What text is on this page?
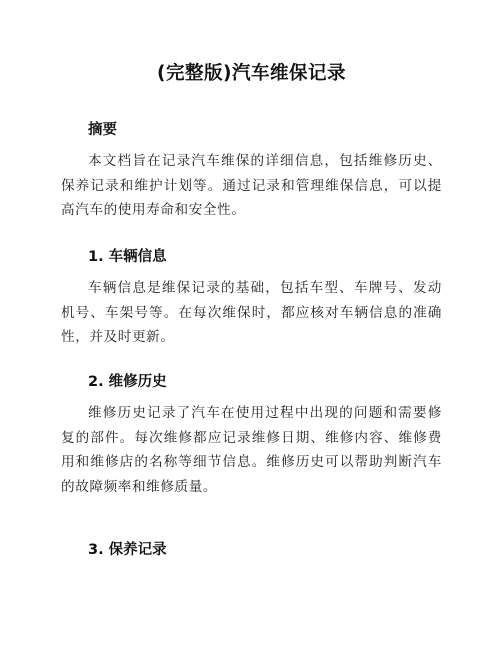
(完整版)汽车维保记录
摘要

本文档旨在记录汽车维保的详细信息，包括维修历史、保养记录和维护计划等。通过记录和管理维保信息，可以提高汽车的使用寿命和安全性。

1. 车辆信息

车辆信息是维保记录的基础，包括车型、车牌号、发动机号、车架号等。在每次维保时，都应核对车辆信息的准确性，并及时更新。

2. 维修历史

维修历史记录了汽车在使用过程中出现的问题和需要修复的部件。每次维修都应记录维修日期、维修内容、维修费用和维修店的名称等细节信息。维修历史可以帮助判断汽车的故障频率和维修质量。

3. 保养记录
